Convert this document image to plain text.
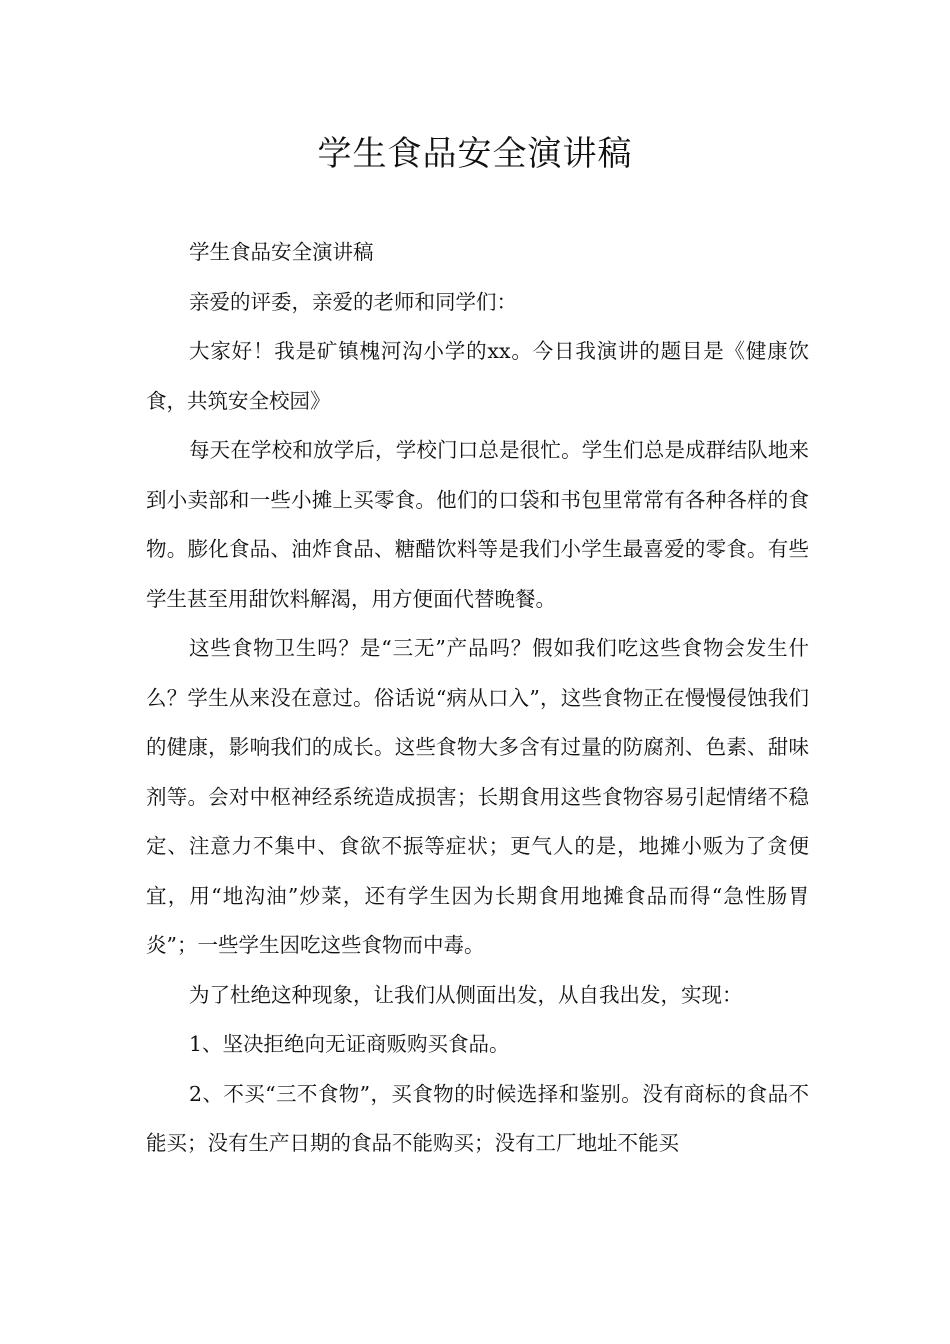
学生食品安全演讲稿

学生食品安全演讲稿

亲爱的评委，亲爱的老师和同学们：

大家好！我是矿镇槐河沟小学的xx。今日我演讲的题目是《健康饮食，共筑安全校园》

每天在学校和放学后，学校门口总是很忙。学生们总是成群结队地来到小卖部和一些小摊上买零食。他们的口袋和书包里常常有各种各样的食物。膨化食品、油炸食品、糖醋饮料等是我们小学生最喜爱的零食。有些学生甚至用甜饮料解渴，用方便面代替晚餐。

这些食物卫生吗？是“三无”产品吗？假如我们吃这些食物会发生什么？学生从来没在意过。俗话说“病从口入”，这些食物正在慢慢侵蚀我们的健康，影响我们的成长。这些食物大多含有过量的防腐剂、色素、甜味剂等。会对中枢神经系统造成损害；长期食用这些食物容易引起情绪不稳定、注意力不集中、食欲不振等症状；更气人的是，地摊小贩为了贪便宜，用“地沟油”炒菜，还有学生因为长期食用地摊食品而得“急性肠胃炎”；一些学生因吃这些食物而中毒。

为了杜绝这种现象，让我们从侧面出发，从自我出发，实现：

1、坚决拒绝向无证商贩购买食品。

2、不买“三不食物”，买食物的时候选择和鉴别。没有商标的食品不能买；没有生产日期的食品不能购买；没有工厂地址不能买
